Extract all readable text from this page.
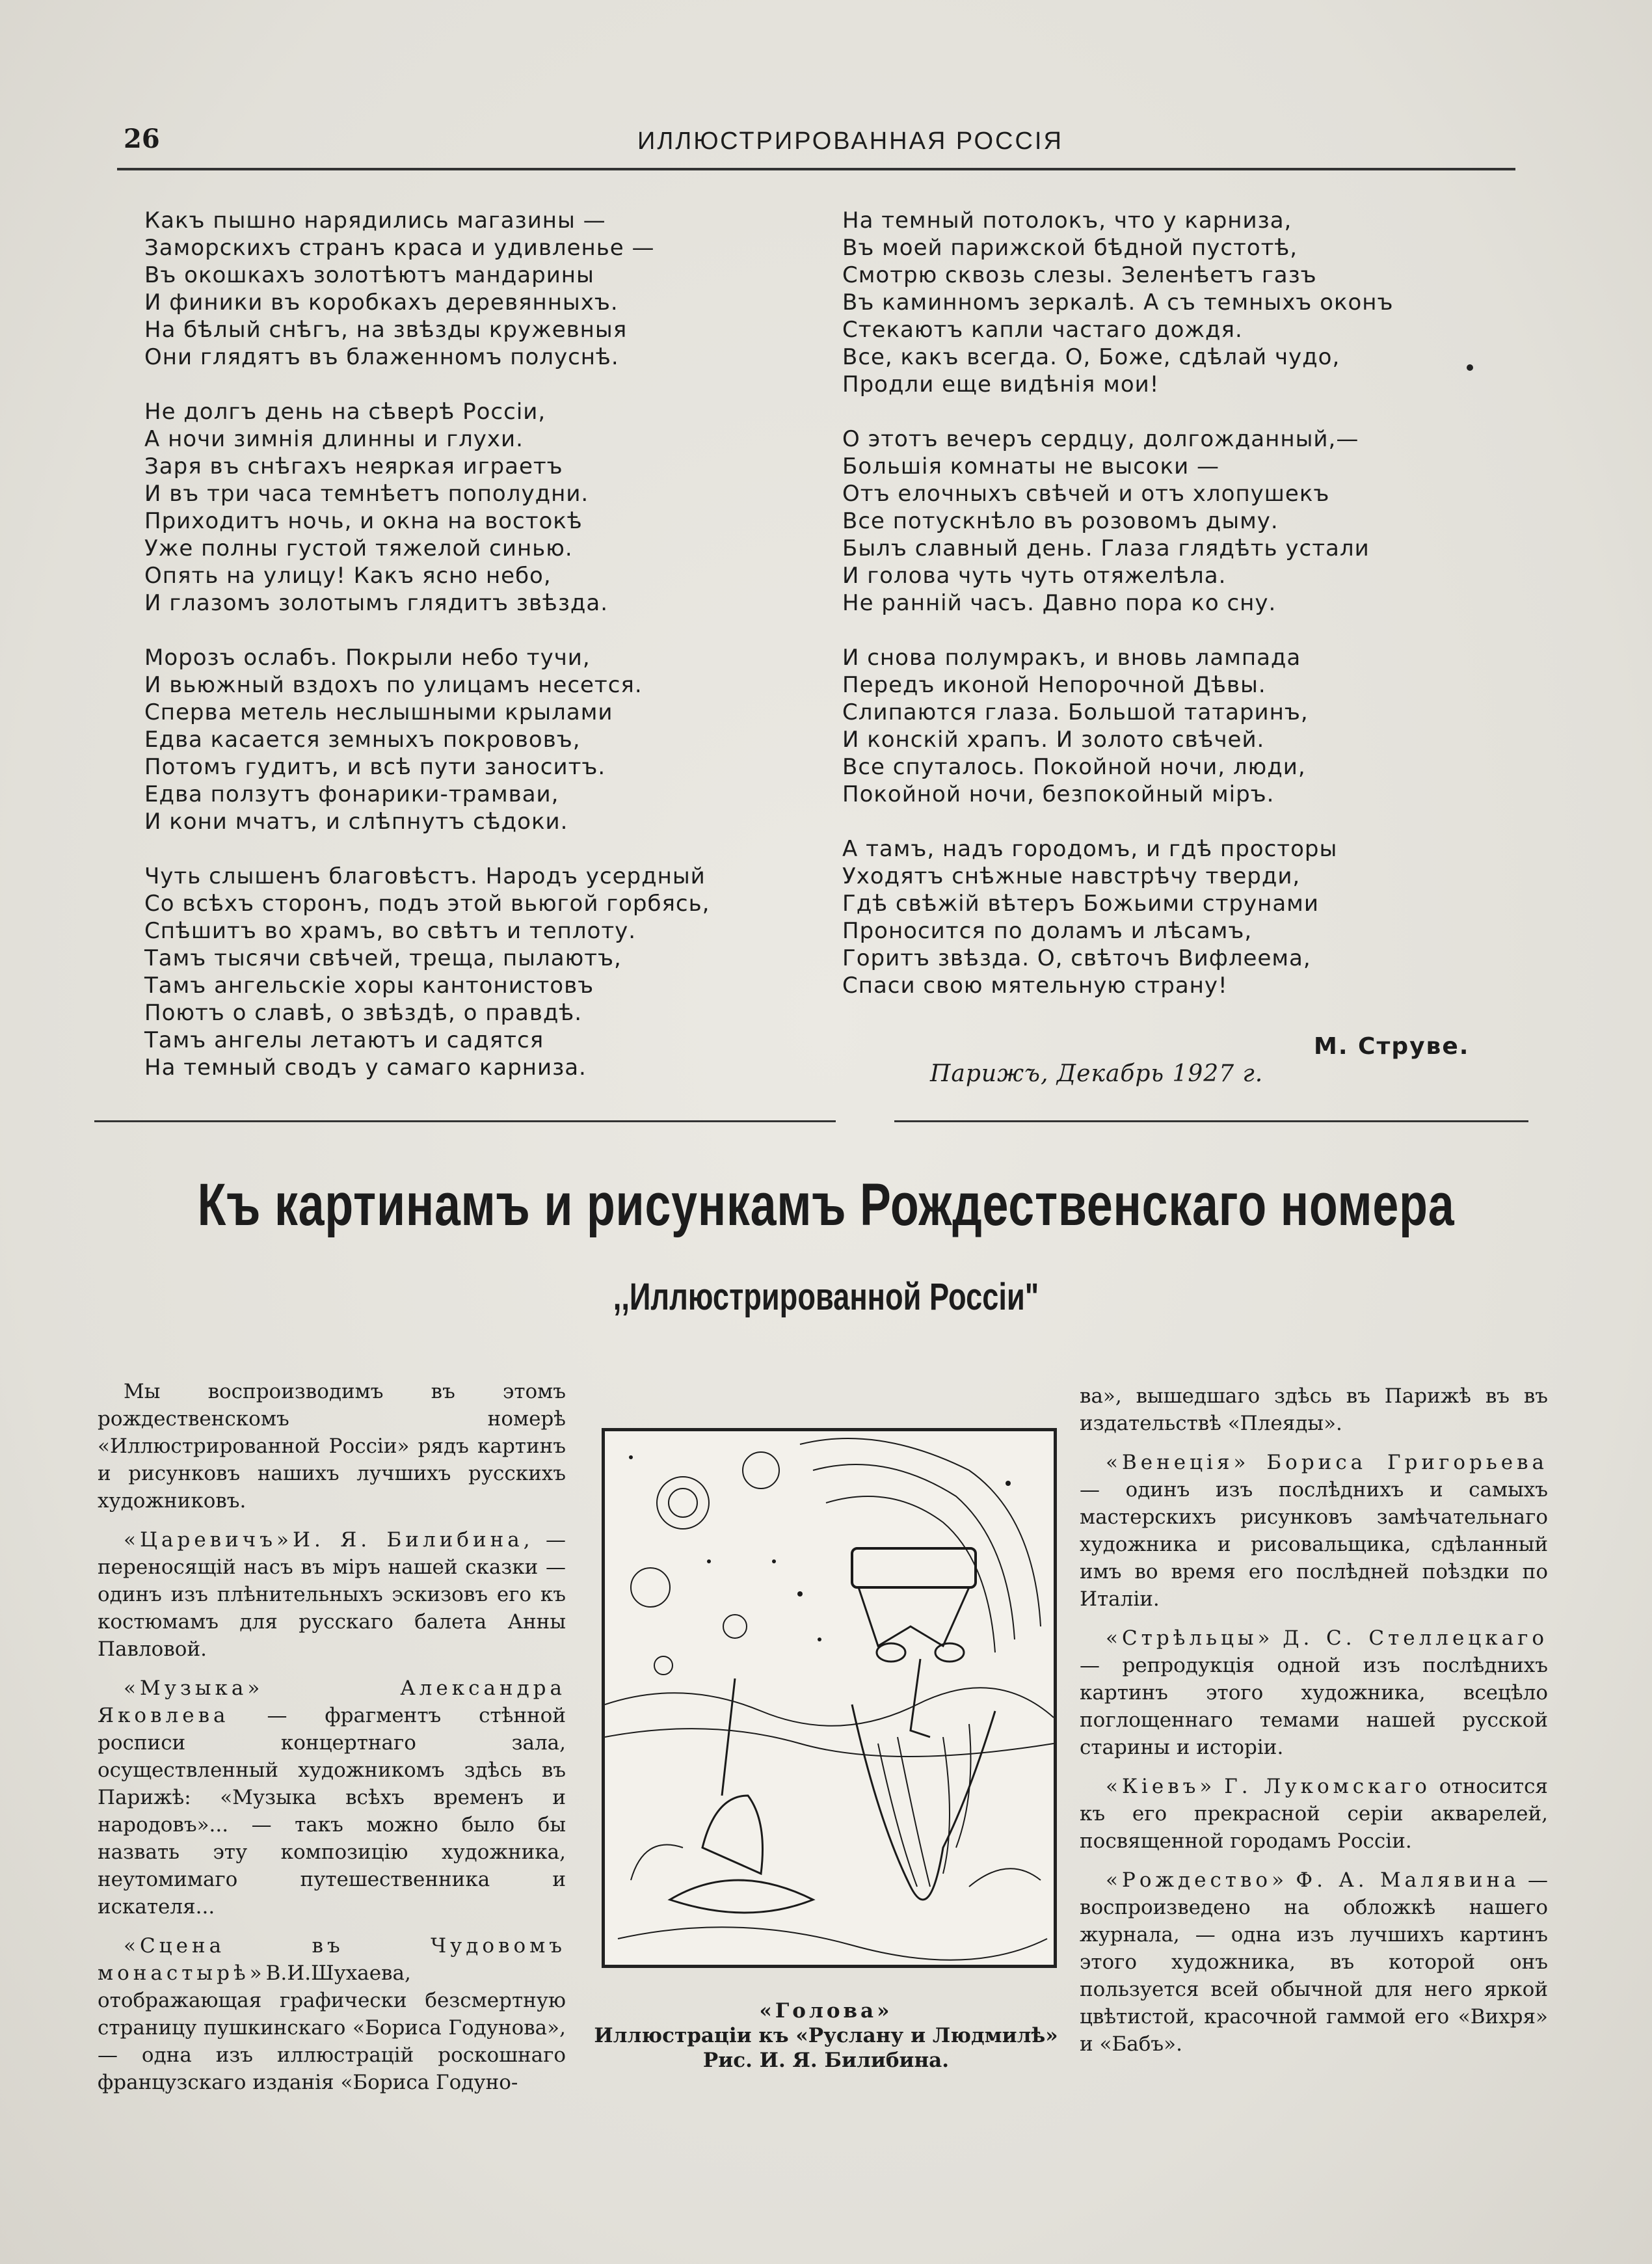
26	ИЛЛЮСТРИРОВАННАЯ РОССІЯ
Какъ пышно нарядились магазины —
Заморскихъ странъ краса и удивленье —
Въ окошкахъ золотѣютъ мандарины
И финики въ коробкахъ деревянныхъ.
На бѣлый снѣгъ, на звѣзды кружевныя
Они глядятъ въ блаженномъ полуснѣ.
Не долгъ день на сѣверѣ Россіи,
А ночи зимнія длинны и глухи.
Заря въ снѣгахъ неяркая играетъ
И въ три часа темнѣетъ пополудни.
Приходитъ ночь, и окна на востокѣ
Уже полны густой тяжелой синью.
Опять на улицу! Какъ ясно небо,
И глазомъ золотымъ глядитъ звѣзда.
Морозъ ослабъ. Покрыли небо тучи,
И вьюжный вздохъ по улицамъ несется.
Сперва метель неслышными крылами
Едва касается земныхъ покрововъ,
Потомъ гудитъ, и всѣ пути заноситъ.
Едва ползутъ фонарики-трамваи,
И кони мчатъ, и слѣпнутъ сѣдоки.
Чуть слышенъ благовѣстъ. Народъ усердный
Со всѣхъ сторонъ, подъ этой вьюгой горбясь,
Спѣшитъ во храмъ, во свѣтъ и теплоту.
Тамъ тысячи свѣчей, треща, пылаютъ,
Тамъ ангельскіе хоры кантонистовъ
Поютъ о славѣ, о звѣздѣ, о правдѣ.
Тамъ ангелы летаютъ и садятся
На темный сводъ у самаго карниза.
На темный потолокъ, что у карниза,
Въ моей парижской бѣдной пустотѣ,
Смотрю сквозь слезы. Зеленѣетъ газъ
Въ каминномъ зеркалѣ. А съ темныхъ оконъ
Стекаютъ капли частаго дождя.
Все, какъ всегда. О, Боже, сдѣлай чудо,
Продли еще видѣнія мои!
О этотъ вечеръ сердцу, долгожданный,—
Большія комнаты не высоки —
Отъ елочныхъ свѣчей и отъ хлопушекъ
Все потускнѣло въ розовомъ дыму.
Былъ славный день. Глаза глядѣть устали
И голова чуть чуть отяжелѣла.
Не ранній часъ. Давно пора ко сну.
И снова полумракъ, и вновь лампада
Передъ иконой Непорочной Дѣвы.
Слипаются глаза. Большой татаринъ,
И конскій храпъ. И золото свѣчей.
Все спуталось. Покойной ночи, люди,
Покойной ночи, безпокойный міръ.
А тамъ, надъ городомъ, и гдѣ просторы
Уходятъ снѣжные навстрѣчу тверди,
Гдѣ свѣжій вѣтеръ Божьими струнами
Проносится по доламъ и лѣсамъ,
Горитъ звѣзда. О, свѣточъ Вифлеема,
Спаси свою мятельную страну!
М. Струве.
Парижъ, Декабрь 1927 г.
Къ картинамъ и рисункамъ Рождественскаго номера
,,Иллюстрированной Россіи"

Мы воспроизводимъ въ этомъ рождественскомъ номерѣ «Иллюстрированной Россіи» рядъ картинъ и рисунковъ нашихъ лучшихъ русскихъ художниковъ.

«Царевичъ»И. Я. Билибина, — переносящій насъ въ міръ нашей сказки — одинъ изъ плѣнительныхъ эскизовъ его къ костюмамъ для русскаго балета Анны Павловой.

«Музыка»	Александра Яковлева — фрагментъ стѣнной росписи концертнаго зала, осуществленный художникомъ здѣсь въ Парижѣ: «Музыка всѣхъ временъ и народовъ»... — такъ можно было бы назвать эту композицію художника, неутомимаго путешественника и искателя...

«Сцена въ Чудовомъ монастырѣ»В.И.Шухаева, отображающая графически безсмертную страницу пушкинскаго «Бориса Годунова», — одна изъ иллюстрацій роскошнаго французскаго изданія «Бориса Годуно-

«Голова»
Иллюстраціи къ «Руслану и Людмилѣ»
Рис. И. Я. Билибина.

ва», вышедшаго здѣсь въ Парижѣ въ въ издательствѣ «Плеяды».

«Венеція» Бориса Григорьева — одинъ изъ послѣднихъ и самыхъ мастерскихъ рисунковъ замѣчательнаго художника и рисовальщика, сдѣланный имъ во время его послѣдней поѣздки по Италіи.

«Стрѣльцы» Д. С. Стеллецкаго — репродукція одной изъ послѣднихъ картинъ этого художника, всецѣло поглощеннаго темами нашей русской старины и исторіи.

«Кіевъ» Г. Лукомскаго относится къ его прекрасной серіи акварелей, посвященной городамъ Россіи.

«Рождество» Ф. А. Малявина — воспроизведено на обложкѣ нашего журнала, — одна изъ лучшихъ картинъ этого художника, въ которой онъ пользуется всей обычной для него яркой цвѣтистой, красочной гаммой его «Вихря» и «Бабъ».
